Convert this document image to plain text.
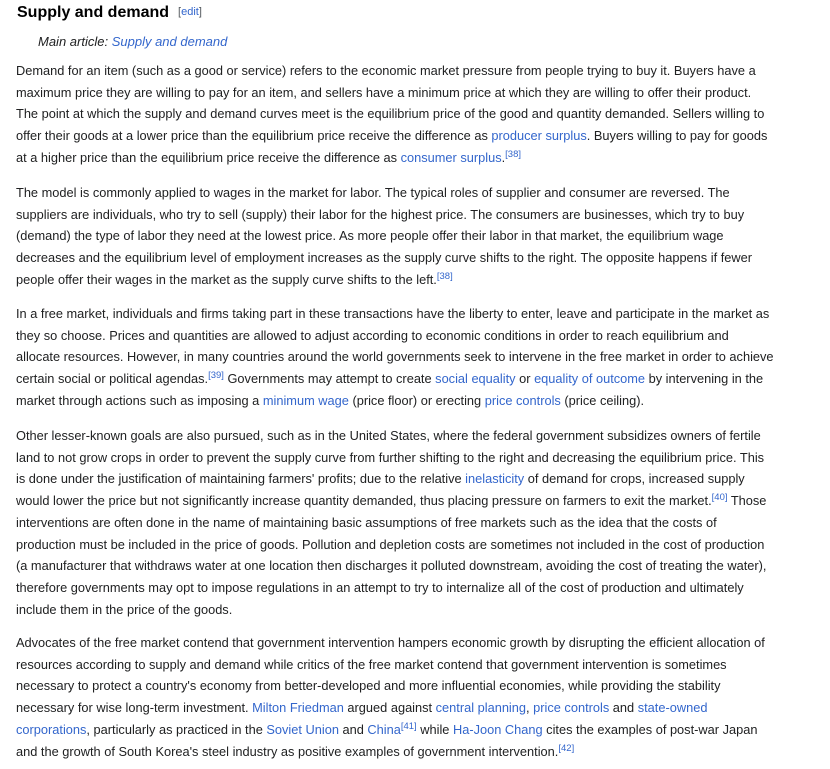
Supply and demand [edit]
Main article: Supply and demand
Demand for an item (such as a good or service) refers to the economic market pressure from people trying to buy it. Buyers have a
maximum price they are willing to pay for an item, and sellers have a minimum price at which they are willing to offer their product.
The point at which the supply and demand curves meet is the equilibrium price of the good and quantity demanded. Sellers willing to
offer their goods at a lower price than the equilibrium price receive the difference as producer surplus. Buyers willing to pay for goods
at a higher price than the equilibrium price receive the difference as consumer surplus.[38]
The model is commonly applied to wages in the market for labor. The typical roles of supplier and consumer are reversed. The
suppliers are individuals, who try to sell (supply) their labor for the highest price. The consumers are businesses, which try to buy
(demand) the type of labor they need at the lowest price. As more people offer their labor in that market, the equilibrium wage
decreases and the equilibrium level of employment increases as the supply curve shifts to the right. The opposite happens if fewer
people offer their wages in the market as the supply curve shifts to the left.[38]
In a free market, individuals and firms taking part in these transactions have the liberty to enter, leave and participate in the market as
they so choose. Prices and quantities are allowed to adjust according to economic conditions in order to reach equilibrium and
allocate resources. However, in many countries around the world governments seek to intervene in the free market in order to achieve
certain social or political agendas.[39] Governments may attempt to create social equality or equality of outcome by intervening in the
market through actions such as imposing a minimum wage (price floor) or erecting price controls (price ceiling).
Other lesser-known goals are also pursued, such as in the United States, where the federal government subsidizes owners of fertile
land to not grow crops in order to prevent the supply curve from further shifting to the right and decreasing the equilibrium price. This
is done under the justification of maintaining farmers' profits; due to the relative inelasticity of demand for crops, increased supply
would lower the price but not significantly increase quantity demanded, thus placing pressure on farmers to exit the market.[40] Those
interventions are often done in the name of maintaining basic assumptions of free markets such as the idea that the costs of
production must be included in the price of goods. Pollution and depletion costs are sometimes not included in the cost of production
(a manufacturer that withdraws water at one location then discharges it polluted downstream, avoiding the cost of treating the water),
therefore governments may opt to impose regulations in an attempt to try to internalize all of the cost of production and ultimately
include them in the price of the goods.
Advocates of the free market contend that government intervention hampers economic growth by disrupting the efficient allocation of
resources according to supply and demand while critics of the free market contend that government intervention is sometimes
necessary to protect a country's economy from better-developed and more influential economies, while providing the stability
necessary for wise long-term investment. Milton Friedman argued against central planning, price controls and state-owned
corporations, particularly as practiced in the Soviet Union and China[41] while Ha-Joon Chang cites the examples of post-war Japan
and the growth of South Korea's steel industry as positive examples of government intervention.[42]
